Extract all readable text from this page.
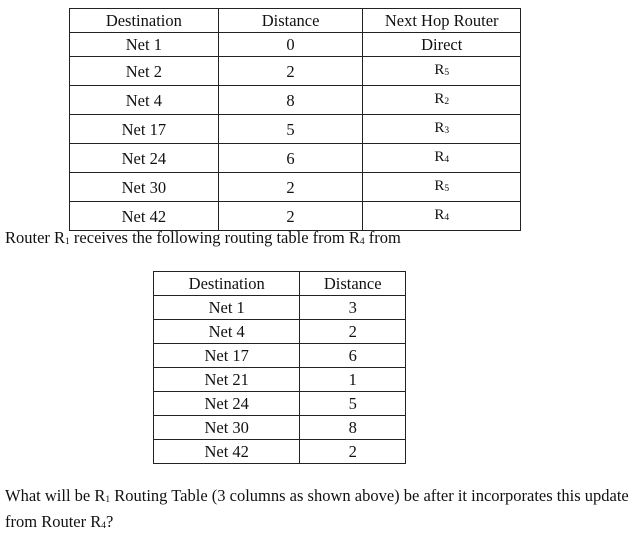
Destination	Distance	Next Hop Router
Net 1	0	Direct
Net 2	2	R5
Net 4	8	R2
Net 17	5	R3
Net 24	6	R4
Net 30	2	R5
Net 42	2	R4

Router R1 receives the following routing table from R4 from

Destination	Distance
Net 1	3
Net 4	2
Net 17	6
Net 21	1
Net 24	5
Net 30	8
Net 42	2

What will be R1 Routing Table (3 columns as shown above) be after it incorporates this update from Router R4?
